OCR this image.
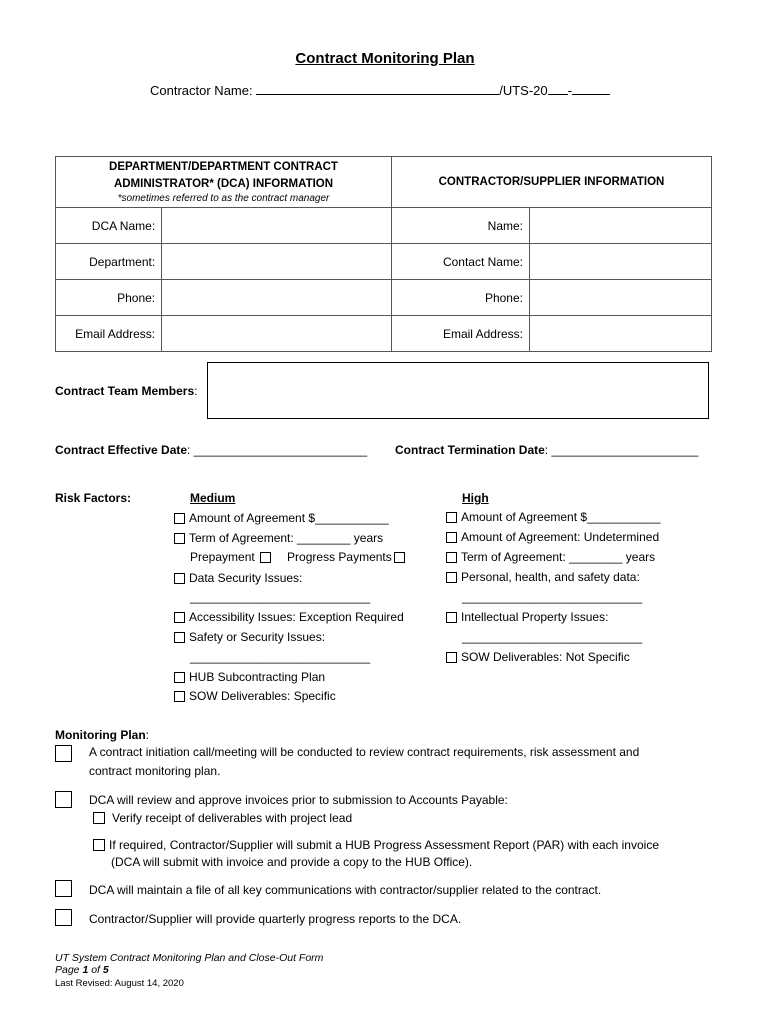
Contract Monitoring Plan
Contractor Name:	/UTS-20 -
DEPARTMENT/DEPARTMENT CONTRACT
ADMINISTRATOR* (DCA) INFORMATION
*sometimes referred to as the contract manager		CONTRACTOR/SUPPLIER INFORMATION	
DCA Name:		Name:	
Department:		Contact Name:	
Phone:		Phone:	
Email Address:		Email Address:	
Contract Team Members:
Contract Effective Date: __________________________ Contract Termination Date: ______________________
Risk Factors:	Medium	High
Amount of Agreement $___________
Term of Agreement: ________ years
Prepayment	Progress Payments
Data Security Issues:
___________________________
Accessibility Issues: Exception Required
Safety or Security Issues:
___________________________
HUB Subcontracting Plan
SOW Deliverables: Specific
Amount of Agreement $___________
Amount of Agreement: Undetermined
Term of Agreement: ________ years
Personal, health, and safety data:
___________________________
Intellectual Property Issues:
___________________________
SOW Deliverables: Not Specific
Monitoring Plan:
A contract initiation call/meeting will be conducted to review contract requirements, risk assessment and
contract monitoring plan.
DCA will review and approve invoices prior to submission to Accounts Payable:
Verify receipt of deliverables with project lead
If required, Contractor/Supplier will submit a HUB Progress Assessment Report (PAR) with each invoice
(DCA will submit with invoice and provide a copy to the HUB Office).
DCA will maintain a file of all key communications with contractor/supplier related to the contract.
Contractor/Supplier will provide quarterly progress reports to the DCA.
UT System Contract Monitoring Plan and Close-Out Form
Page 1 of 5
Last Revised: August 14, 2020
